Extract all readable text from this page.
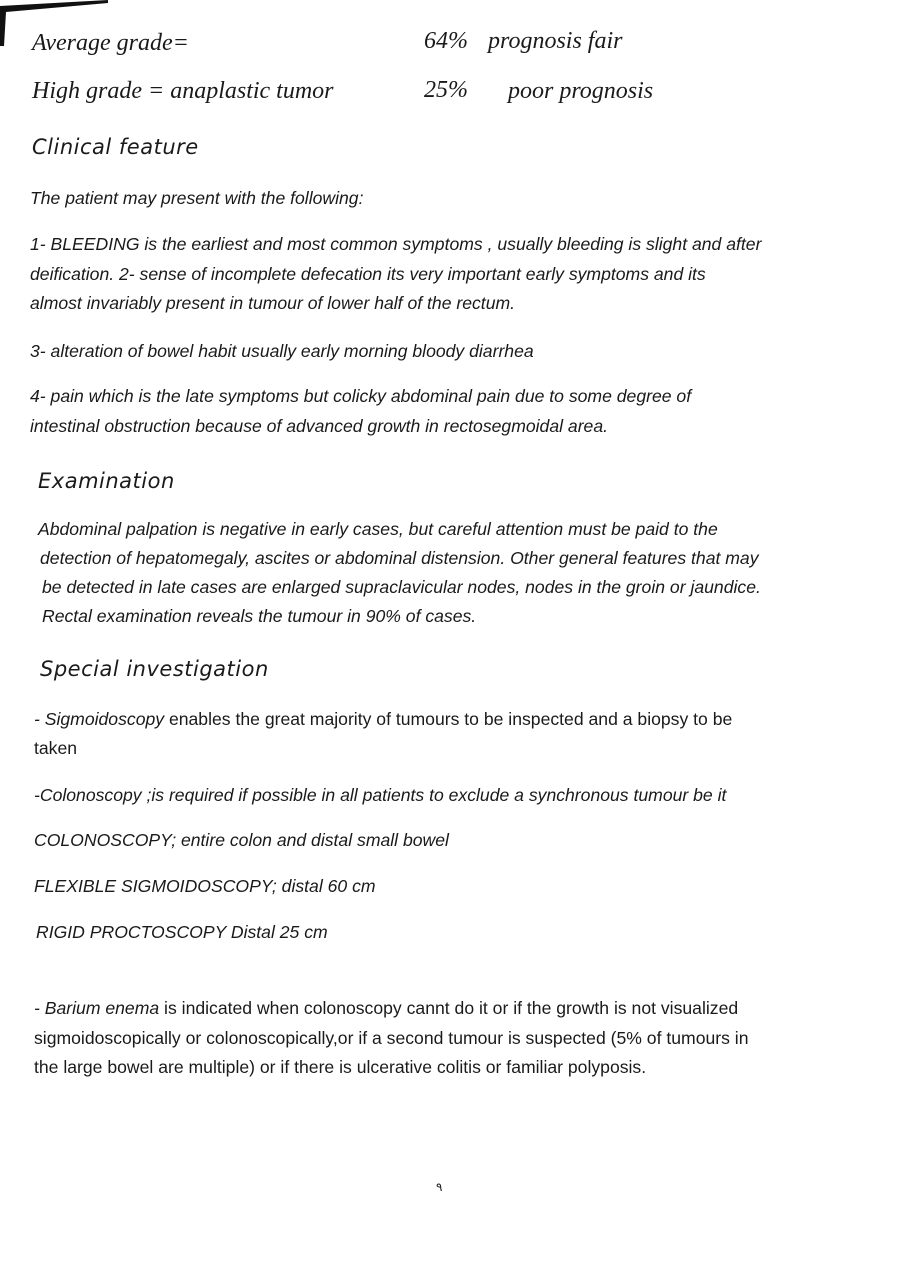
Average grade=	64% prognosis fair
High grade = anaplastic tumor	25% poor prognosis
Clinical feature
The patient may present with the following:
1- BLEEDING is the earliest and most common symptoms , usually bleeding is slight and after
deification. 2- sense of incomplete defecation its very important early symptoms and its
almost invariably present in tumour of lower half of the rectum.
3- alteration of bowel habit usually early morning bloody diarrhea
4- pain which is the late symptoms but colicky abdominal pain due to some degree of
intestinal obstruction because of advanced growth in rectosegmoidal area.
Examination
Abdominal palpation is negative in early cases, but careful attention must be paid to the
detection of hepatomegaly, ascites or abdominal distension. Other general features that may
be detected in late cases are enlarged supraclavicular nodes, nodes in the groin or jaundice.
Rectal examination reveals the tumour in 90% of cases.
Special investigation
- Sigmoidoscopy enables the great majority of tumours to be inspected and a biopsy to be
taken
-Colonoscopy ;is required if possible in all patients to exclude a synchronous tumour be it
COLONOSCOPY; entire colon and distal small bowel
FLEXIBLE SIGMOIDOSCOPY; distal 60 cm
RIGID PROCTOSCOPY Distal 25 cm
- Barium enema is indicated when colonoscopy cannt do it or if the growth is not visualized
sigmoidoscopically or colonoscopically,or if a second tumour is suspected (5% of tumours in
the large bowel are multiple) or if there is ulcerative colitis or familiar polyposis.
٩
